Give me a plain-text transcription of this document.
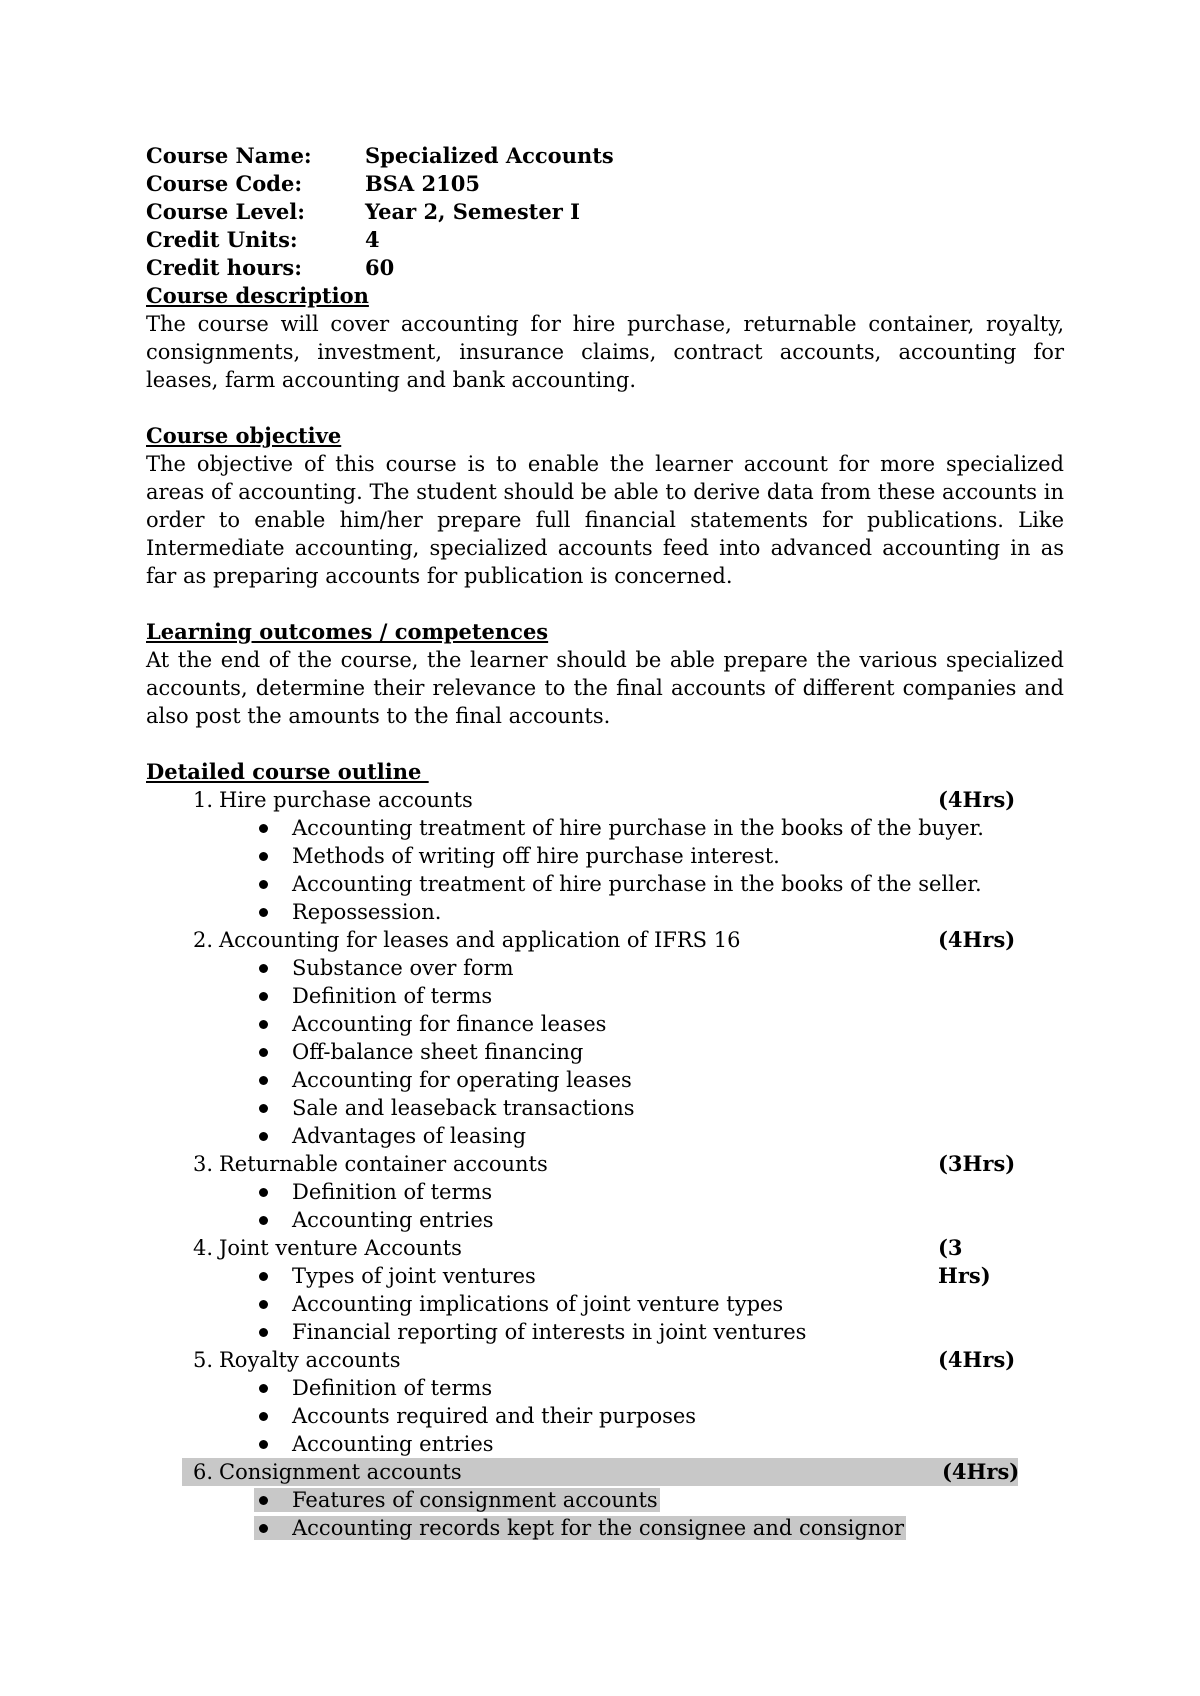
Course Name:	Specialized Accounts
Course Code:	BSA 2105
Course Level:	Year 2, Semester I
Credit Units:	4
Credit hours:	60
Course description

The course will cover accounting for hire purchase, returnable container, royalty, consignments, investment, insurance claims, contract accounts, accounting for leases, farm accounting and bank accounting.

Course objective

The objective of this course is to enable the learner account for more specialized areas of accounting. The student should be able to derive data from these accounts in order to enable him/her prepare full financial statements for publications. Like Intermediate accounting, specialized accounts feed into advanced accounting in as far as preparing accounts for publication is concerned.

Learning outcomes / competences

At the end of the course, the learner should be able prepare the various specialized accounts, determine their relevance to the final accounts of different companies and also post the amounts to the final accounts.

Detailed course outline
1. Hire purchase accounts	(4Hrs)
Accounting treatment of hire purchase in the books of the buyer.
Methods of writing off hire purchase interest.
Accounting treatment of hire purchase in the books of the seller.
Repossession.
2. Accounting for leases and application of IFRS 16	(4Hrs)
Substance over form
Definition of terms
Accounting for finance leases
Off-balance sheet financing
Accounting for operating leases
Sale and leaseback transactions
Advantages of leasing
3. Returnable container accounts	(3Hrs)
Definition of terms
Accounting entries
4. Joint venture Accounts	(3 Hrs)
Types of joint ventures
Accounting implications of joint venture types
Financial reporting of interests in joint ventures
5. Royalty accounts	(4Hrs)
Definition of terms
Accounts required and their purposes
Accounting entries
6. Consignment accounts	(4Hrs)
Features of consignment accounts
Accounting records kept for the consignee and consignor
